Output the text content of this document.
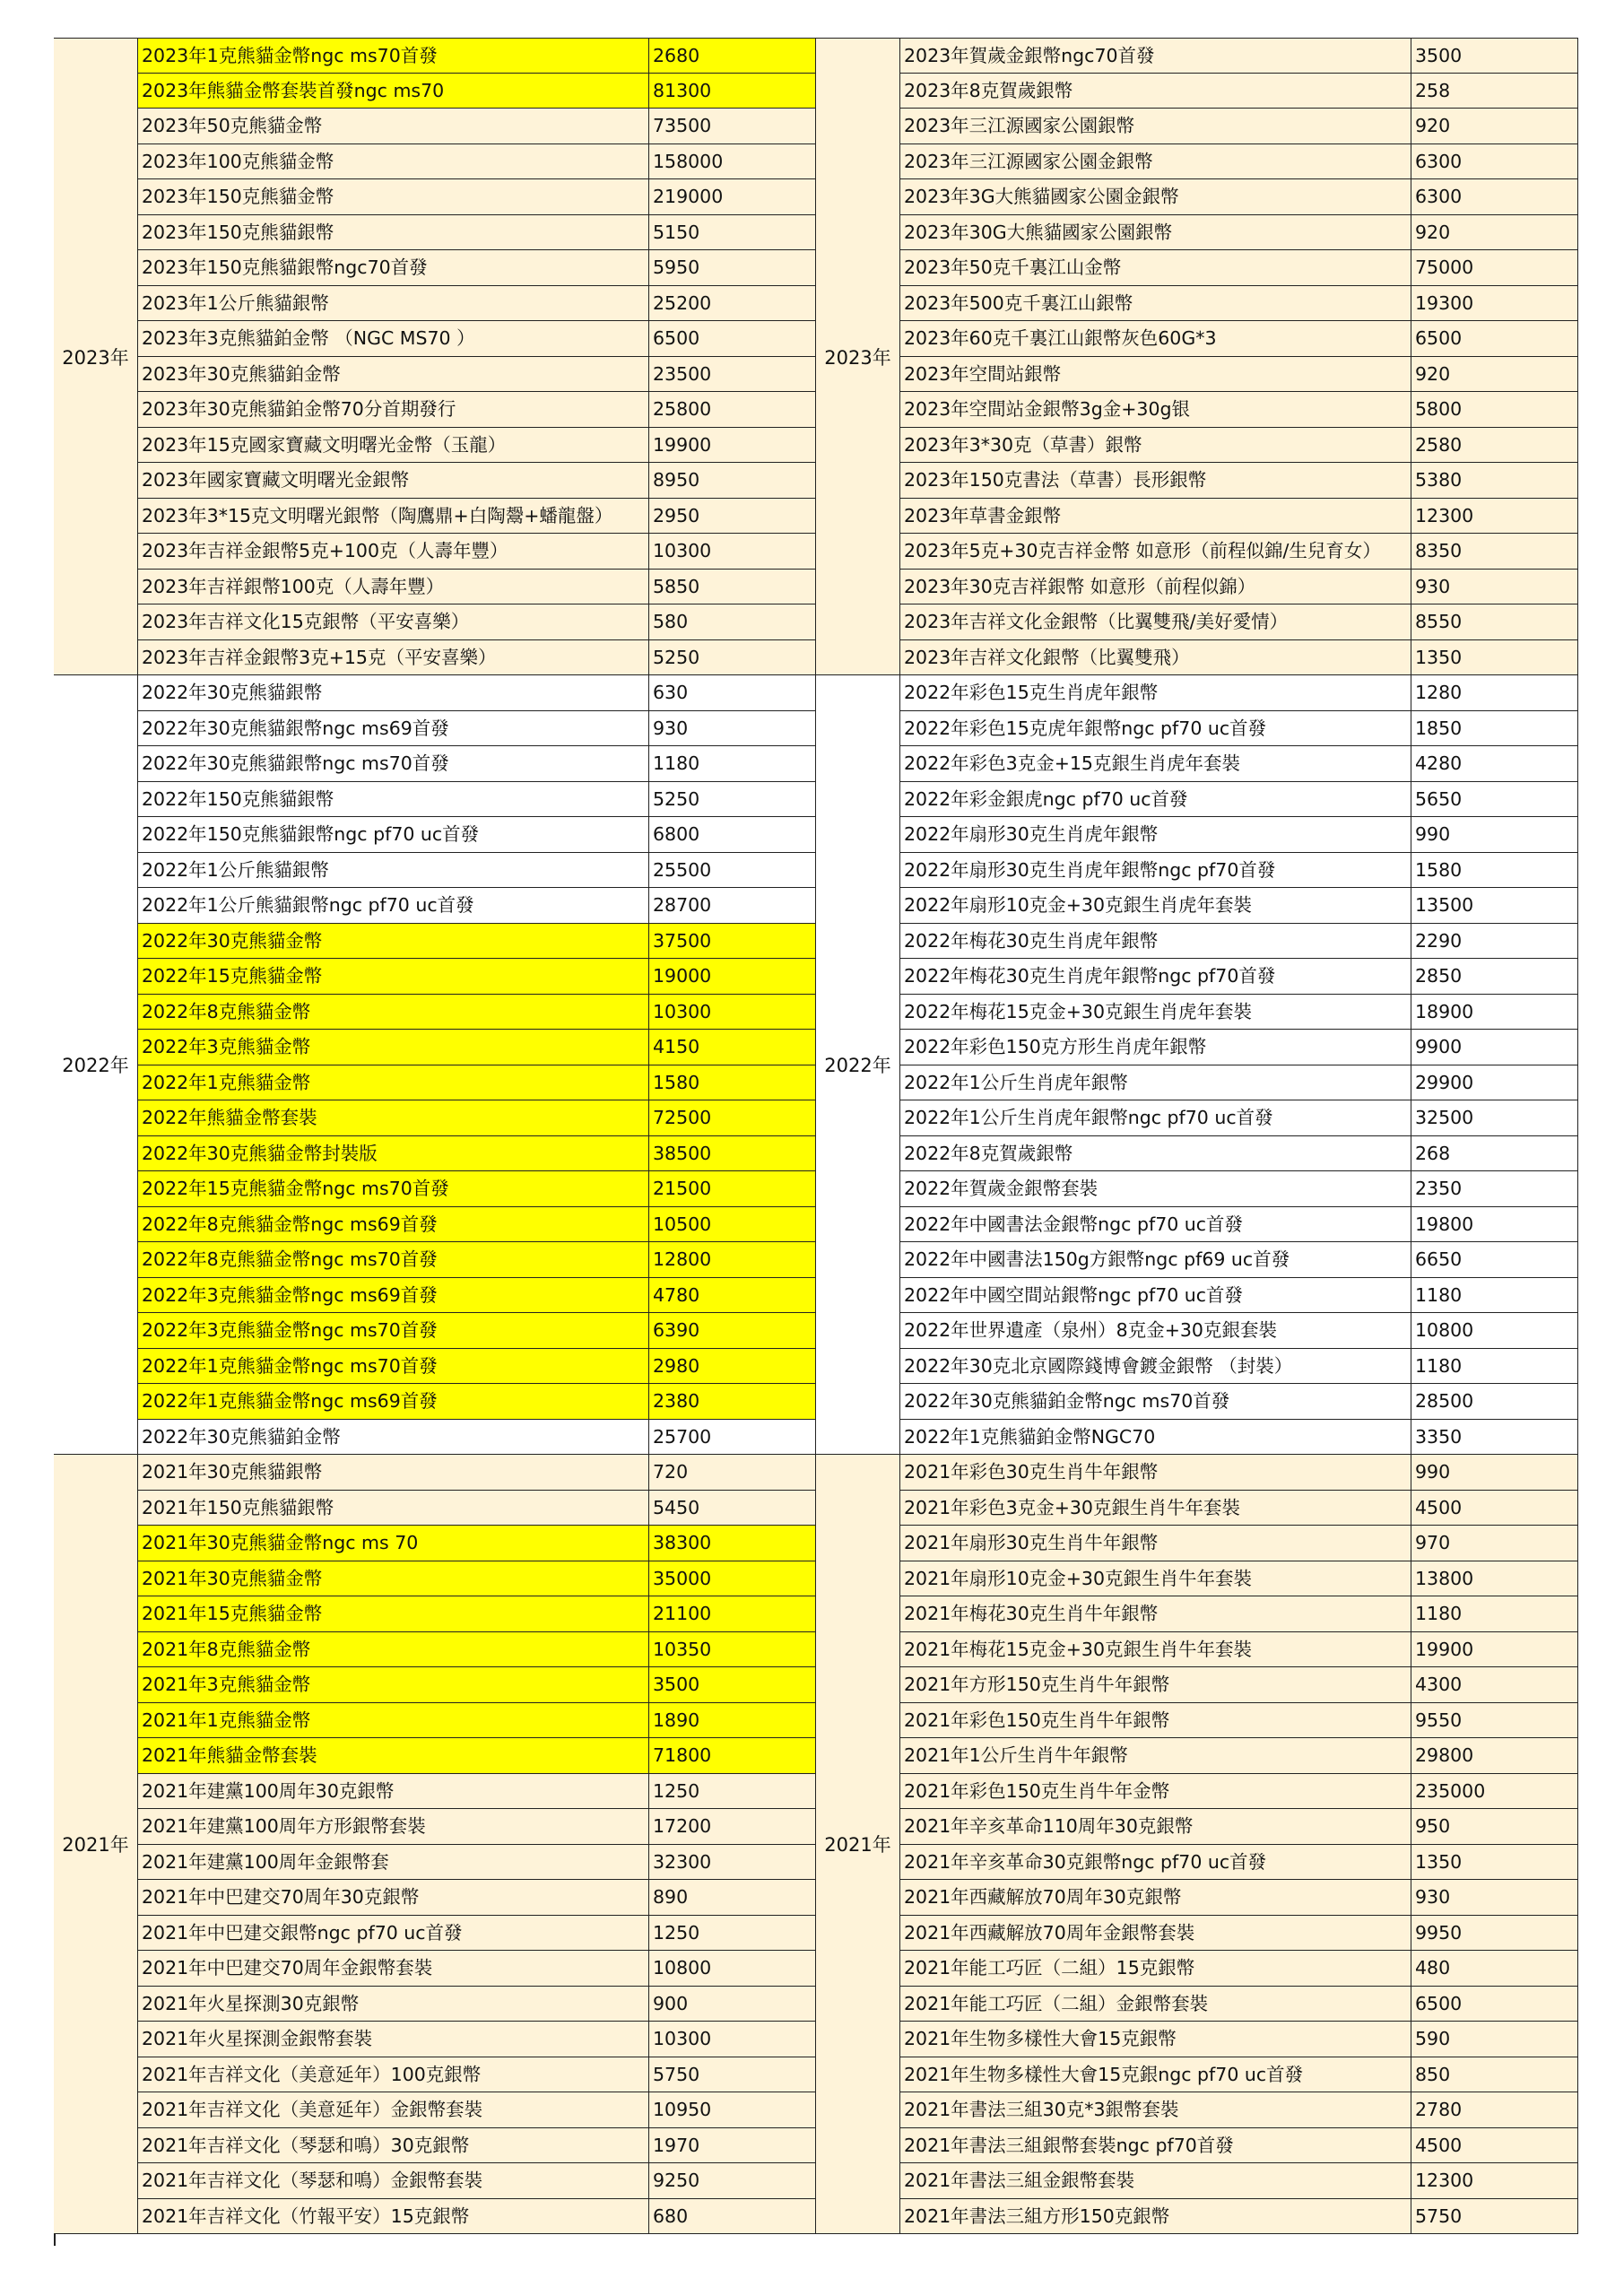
2023年
2023年1克熊貓金幣ngc ms70首發	2680
2023年熊貓金幣套裝首發ngc ms70	81300
2023年50克熊貓金幣	73500
2023年100克熊貓金幣	158000
2023年150克熊貓金幣	219000
2023年150克熊貓銀幣	5150
2023年150克熊貓銀幣ngc70首發	5950
2023年1公斤熊貓銀幣	25200
2023年3克熊貓鉑金幣 （NGC MS70 ）	6500
2023年30克熊貓鉑金幣	23500
2023年30克熊貓鉑金幣70分首期發行	25800
2023年15克國家寶藏文明曙光金幣（玉龍）	19900
2023年國家寶藏文明曙光金銀幣	8950
2023年3*15克文明曙光銀幣（陶鷹鼎+白陶鬶+蟠龍盤）	2950
2023年吉祥金銀幣5克+100克（人壽年豐）	10300
2023年吉祥銀幣100克（人壽年豐）	5850
2023年吉祥文化15克銀幣（平安喜樂）	580
2023年吉祥金銀幣3克+15克（平安喜樂）	5250
2022年
2022年30克熊貓銀幣	630
2022年30克熊貓銀幣ngc ms69首發	930
2022年30克熊貓銀幣ngc ms70首發	1180
2022年150克熊貓銀幣	5250
2022年150克熊貓銀幣ngc pf70 uc首發	6800
2022年1公斤熊貓銀幣	25500
2022年1公斤熊貓銀幣ngc pf70 uc首發	28700
2022年30克熊貓金幣	37500
2022年15克熊貓金幣	19000
2022年8克熊貓金幣	10300
2022年3克熊貓金幣	4150
2022年1克熊貓金幣	1580
2022年熊貓金幣套裝	72500
2022年30克熊貓金幣封裝版	38500
2022年15克熊貓金幣ngc ms70首發	21500
2022年8克熊貓金幣ngc ms69首發	10500
2022年8克熊貓金幣ngc ms70首發	12800
2022年3克熊貓金幣ngc ms69首發	4780
2022年3克熊貓金幣ngc ms70首發	6390
2022年1克熊貓金幣ngc ms70首發	2980
2022年1克熊貓金幣ngc ms69首發	2380
2022年30克熊貓鉑金幣	25700
2021年
2021年30克熊貓銀幣	720
2021年150克熊貓銀幣	5450
2021年30克熊貓金幣ngc ms 70	38300
2021年30克熊貓金幣	35000
2021年15克熊貓金幣	21100
2021年8克熊貓金幣	10350
2021年3克熊貓金幣	3500
2021年1克熊貓金幣	1890
2021年熊貓金幣套裝	71800
2021年建黨100周年30克銀幣	1250
2021年建黨100周年方形銀幣套裝	17200
2021年建黨100周年金銀幣套	32300
2021年中巴建交70周年30克銀幣	890
2021年中巴建交銀幣ngc pf70 uc首發	1250
2021年中巴建交70周年金銀幣套裝	10800
2021年火星探測30克銀幣	900
2021年火星探測金銀幣套裝	10300
2021年吉祥文化（美意延年）100克銀幣	5750
2021年吉祥文化（美意延年）金銀幣套裝	10950
2021年吉祥文化（琴瑟和鳴）30克銀幣	1970
2021年吉祥文化（琴瑟和鳴）金銀幣套裝	9250
2021年吉祥文化（竹報平安）15克銀幣	680
2023年
2023年賀歲金銀幣ngc70首發	3500
2023年8克賀歲銀幣	258
2023年三江源國家公園銀幣	920
2023年三江源國家公園金銀幣	6300
2023年3G大熊貓國家公園金銀幣	6300
2023年30G大熊貓國家公園銀幣	920
2023年50克千裏江山金幣	75000
2023年500克千裏江山銀幣	19300
2023年60克千裏江山銀幣灰色60G*3	6500
2023年空間站銀幣	920
2023年空間站金銀幣3g金+30g银	5800
2023年3*30克（草書）銀幣	2580
2023年150克書法（草書）長形銀幣	5380
2023年草書金銀幣	12300
2023年5克+30克吉祥金幣 如意形（前程似錦/生兒育女）	8350
2023年30克吉祥銀幣 如意形（前程似錦）	930
2023年吉祥文化金銀幣（比翼雙飛/美好愛情）	8550
2023年吉祥文化銀幣（比翼雙飛）	1350
2022年
2022年彩色15克生肖虎年銀幣	1280
2022年彩色15克虎年銀幣ngc pf70 uc首發	1850
2022年彩色3克金+15克銀生肖虎年套裝	4280
2022年彩金銀虎ngc pf70 uc首發	5650
2022年扇形30克生肖虎年銀幣	990
2022年扇形30克生肖虎年銀幣ngc pf70首發	1580
2022年扇形10克金+30克銀生肖虎年套裝	13500
2022年梅花30克生肖虎年銀幣	2290
2022年梅花30克生肖虎年銀幣ngc pf70首發	2850
2022年梅花15克金+30克銀生肖虎年套裝	18900
2022年彩色150克方形生肖虎年銀幣	9900
2022年1公斤生肖虎年銀幣	29900
2022年1公斤生肖虎年銀幣ngc pf70 uc首發	32500
2022年8克賀歲銀幣	268
2022年賀歲金銀幣套裝	2350
2022年中國書法金銀幣ngc pf70 uc首發	19800
2022年中國書法150g方銀幣ngc pf69 uc首發	6650
2022年中國空間站銀幣ngc pf70 uc首發	1180
2022年世界遺產（泉州）8克金+30克銀套裝	10800
2022年30克北京國際錢博會鍍金銀幣 （封裝）	1180
2022年30克熊貓鉑金幣ngc ms70首發	28500
2022年1克熊貓鉑金幣NGC70	3350
2021年
2021年彩色30克生肖牛年銀幣	990
2021年彩色3克金+30克銀生肖牛年套裝	4500
2021年扇形30克生肖牛年銀幣	970
2021年扇形10克金+30克銀生肖牛年套裝	13800
2021年梅花30克生肖牛年銀幣	1180
2021年梅花15克金+30克銀生肖牛年套裝	19900
2021年方形150克生肖牛年銀幣	4300
2021年彩色150克生肖牛年銀幣	9550
2021年1公斤生肖牛年銀幣	29800
2021年彩色150克生肖牛年金幣	235000
2021年辛亥革命110周年30克銀幣	950
2021年辛亥革命30克銀幣ngc pf70 uc首發	1350
2021年西藏解放70周年30克銀幣	930
2021年西藏解放70周年金銀幣套裝	9950
2021年能工巧匠（二組）15克銀幣	480
2021年能工巧匠（二組）金銀幣套裝	6500
2021年生物多樣性大會15克銀幣	590
2021年生物多樣性大會15克銀ngc pf70 uc首發	850
2021年書法三組30克*3銀幣套裝	2780
2021年書法三組銀幣套裝ngc pf70首發	4500
2021年書法三組金銀幣套裝	12300
2021年書法三組方形150克銀幣	5750
